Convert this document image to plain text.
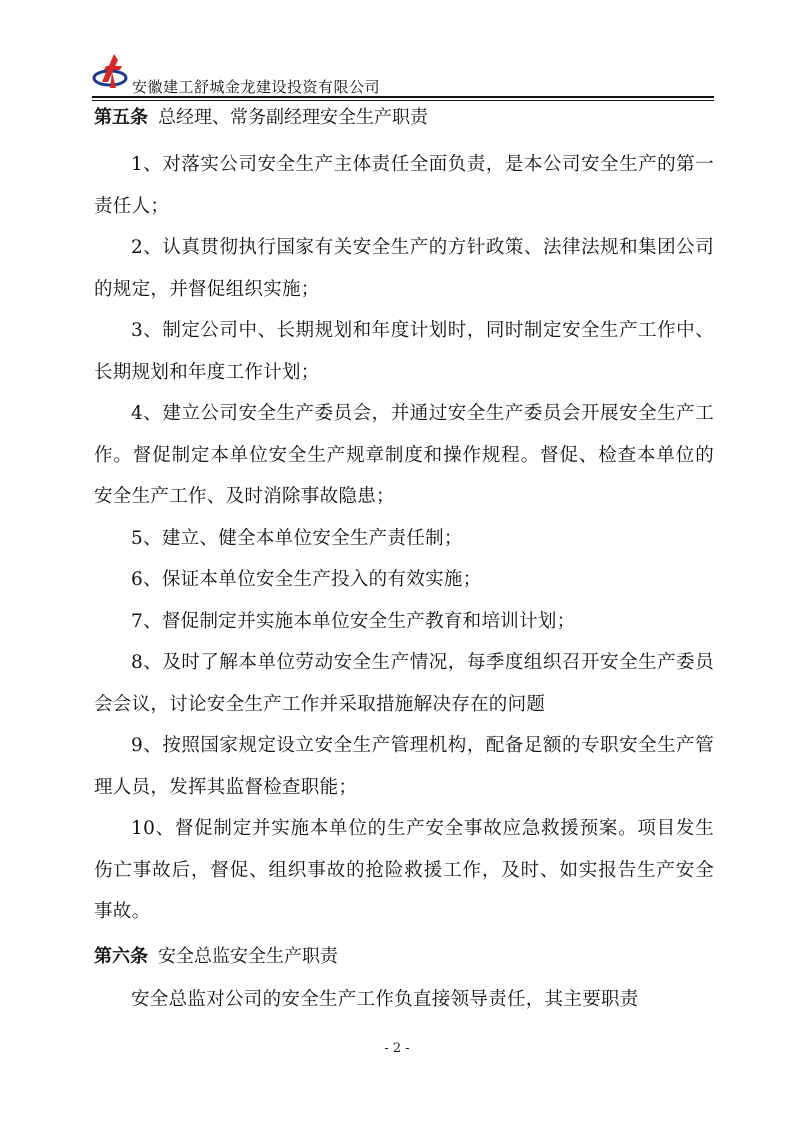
安徽建工舒城金龙建设投资有限公司
第五条 总经理、常务副经理安全生产职责

1、对落实公司安全生产主体责任全面负责，是本公司安全生产的第一责任人；

2、认真贯彻执行国家有关安全生产的方针政策、法律法规和集团公司的规定，并督促组织实施；

3、制定公司中、长期规划和年度计划时，同时制定安全生产工作中、长期规划和年度工作计划；

4、建立公司安全生产委员会，并通过安全生产委员会开展安全生产工作。督促制定本单位安全生产规章制度和操作规程。督促、检查本单位的安全生产工作、及时消除事故隐患；

5、建立、健全本单位安全生产责任制；

6、保证本单位安全生产投入的有效实施；

7、督促制定并实施本单位安全生产教育和培训计划；

8、及时了解本单位劳动安全生产情况，每季度组织召开安全生产委员会会议，讨论安全生产工作并采取措施解决存在的问题

9、按照国家规定设立安全生产管理机构，配备足额的专职安全生产管理人员，发挥其监督检查职能；

10、督促制定并实施本单位的生产安全事故应急救援预案。项目发生伤亡事故后，督促、组织事故的抢险救援工作，及时、如实报告生产安全事故。

第六条 安全总监安全生产职责

安全总监对公司的安全生产工作负直接领导责任，其主要职责

- 2 -
